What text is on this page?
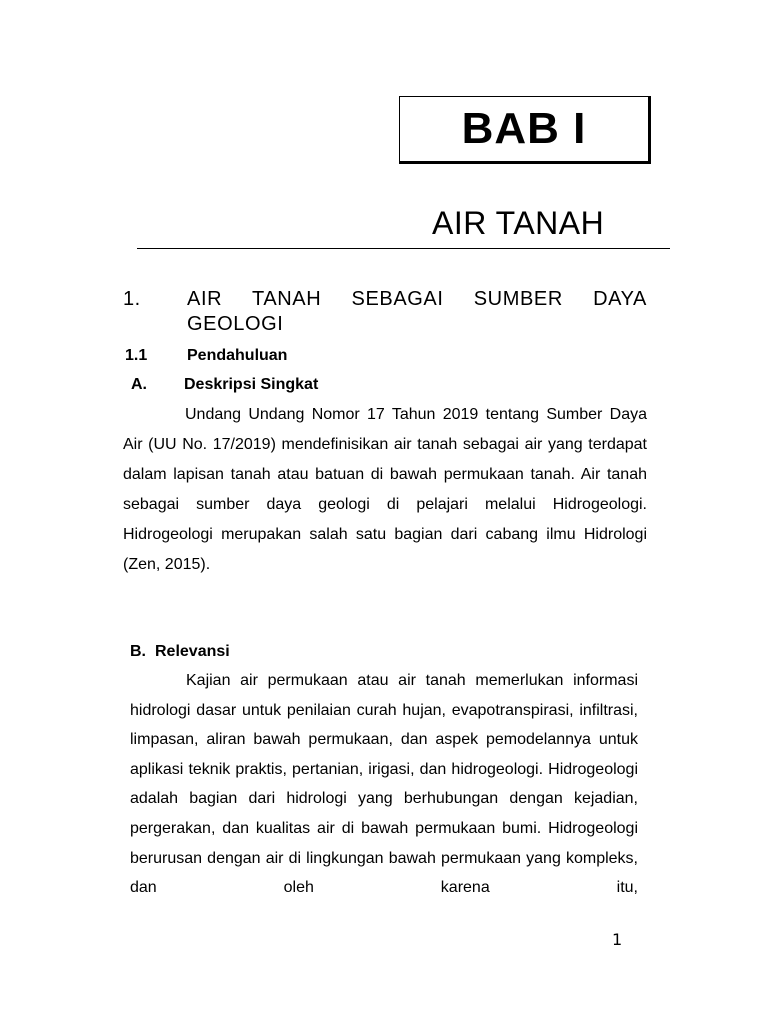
BAB I
AIR TANAH
1. AIR TANAH SEBAGAI SUMBER DAYA GEOLOGI
1.1 Pendahuluan
A. Deskripsi Singkat

Undang Undang Nomor 17 Tahun 2019 tentang Sumber Daya Air (UU No. 17/2019) mendefinisikan air tanah sebagai air yang terdapat dalam lapisan tanah atau batuan di bawah permukaan tanah. Air tanah sebagai sumber daya geologi di pelajari melalui Hidrogeologi. Hidrogeologi merupakan salah satu bagian dari cabang ilmu Hidrologi (Zen, 2015).

B. Relevansi

Kajian air permukaan atau air tanah memerlukan informasi hidrologi dasar untuk penilaian curah hujan, evapotranspirasi, infiltrasi, limpasan, aliran bawah permukaan, dan aspek pemodelannya untuk aplikasi teknik praktis, pertanian, irigasi, dan hidrogeologi. Hidrogeologi adalah bagian dari hidrologi yang berhubungan dengan kejadian, pergerakan, dan kualitas air di bawah permukaan bumi. Hidrogeologi berurusan dengan air di lingkungan bawah permukaan yang kompleks, dan oleh karena itu,

1
